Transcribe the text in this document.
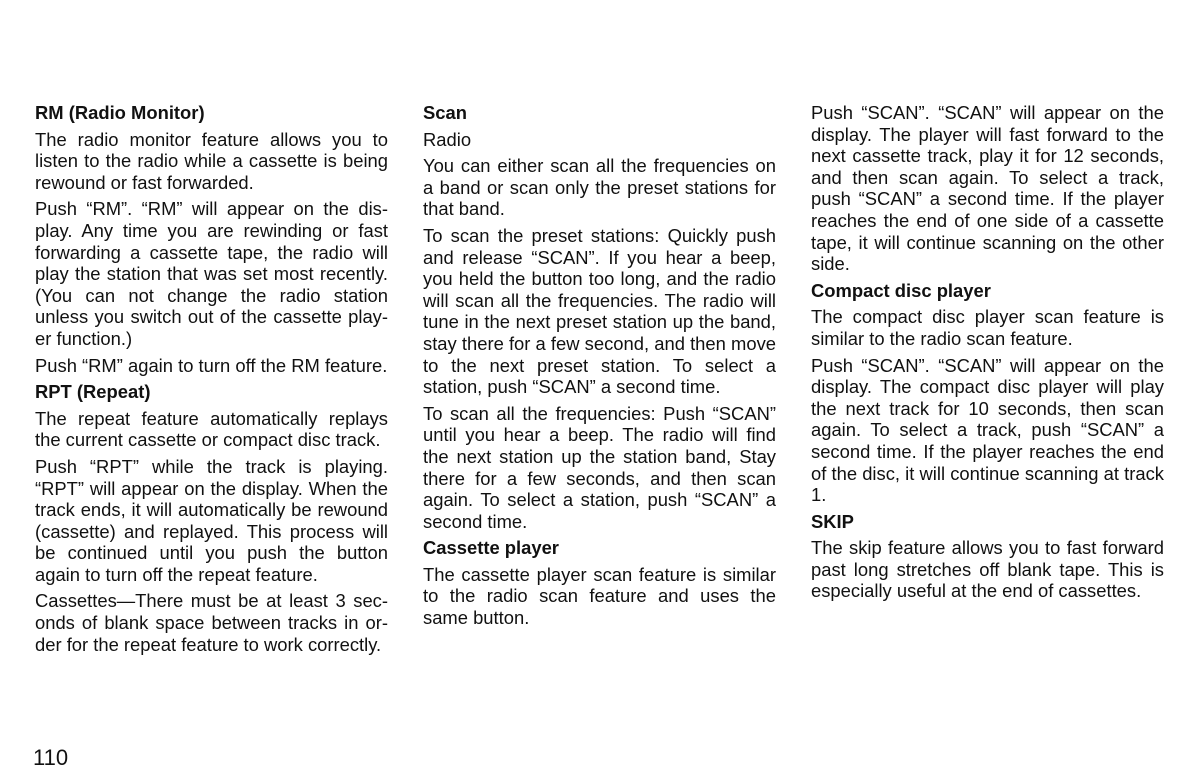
RM (Radio Monitor)

The radio monitor feature allows you to listen to the radio while a cassette is being rewound or fast forwarded.

Push “RM”. “RM” will appear on the display. Any time you are rewinding or fast forwarding a cassette tape, the radio will play the station that was set most recently. (You can not change the radio station unless you switch out of the cassette player function.)

Push “RM” again to turn off the RM feature.

RPT (Repeat)

The repeat feature automatically replays the current cassette or compact disc track.

Push “RPT” while the track is playing. “RPT” will appear on the display. When the track ends, it will automatically be rewound (cassette) and replayed. This process will be continued until you push the button again to turn off the repeat feature.

Cassettes—There must be at least 3 seconds of blank space between tracks in order for the repeat feature to work correctly.

Scan

Radio

You can either scan all the frequencies on a band or scan only the preset stations for that band.

To scan the preset stations: Quickly push and release “SCAN”. If you hear a beep, you held the button too long, and the radio will scan all the frequencies. The radio will tune in the next preset station up the band, stay there for a few second, and then move to the next preset station. To select a station, push “SCAN” a second time.

To scan all the frequencies: Push “SCAN” until you hear a beep. The radio will find the next station up the station band, Stay there for a few seconds, and then scan again. To select a station, push “SCAN” a second time.

Cassette player

The cassette player scan feature is similar to the radio scan feature and uses the same button.

Push “SCAN”. “SCAN” will appear on the display. The player will fast forward to the next cassette track, play it for 12 seconds, and then scan again. To select a track, push “SCAN” a second time. If the player reaches the end of one side of a cassette tape, it will continue scanning on the other side.

Compact disc player

The compact disc player scan feature is similar to the radio scan feature.

Push “SCAN”. “SCAN” will appear on the display. The compact disc player will play the next track for 10 seconds, then scan again. To select a track, push “SCAN” a second time. If the player reaches the end of the disc, it will continue scanning at track 1.

SKIP

The skip feature allows you to fast forward past long stretches off blank tape. This is especially useful at the end of cassettes.

110
